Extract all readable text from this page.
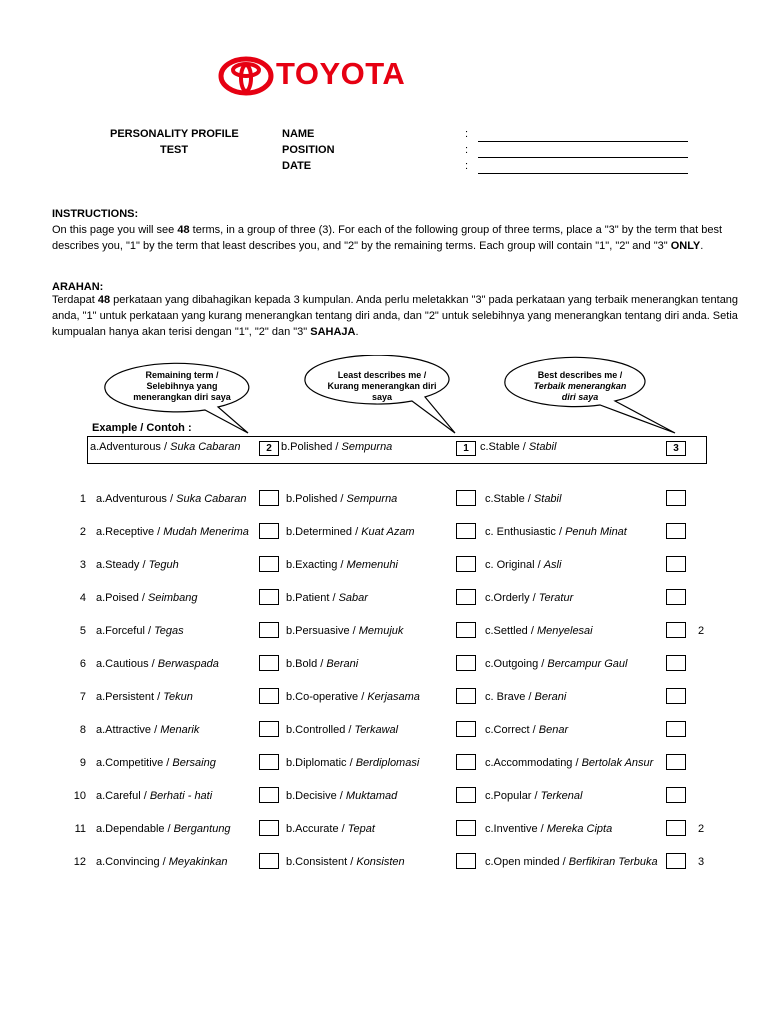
TOYOTA
PERSONALITY PROFILE
TEST
NAME
POSITION
DATE
:
:
:
INSTRUCTIONS:
On this page you will see 48 terms, in a group of three (3). For each of the following group of three terms, place a "3" by the term that best
describes you, "1" by the term that least describes you, and "2" by the remaining terms. Each group will contain "1", "2" and "3" ONLY.
ARAHAN:
Terdapat 48 perkataan yang dibahagikan kepada 3 kumpulan. Anda perlu meletakkan "3" pada perkataan yang terbaik menerangkan tentang
anda, "1" untuk perkataan yang kurang menerangkan tentang diri anda, dan "2" untuk selebihnya yang menerangkan tentang diri anda. Setia
kumpualan hanya akan terisi dengan "1", "2" dan "3" SAHAJA.
Remaining term /
Selebihnya yang
menerangkan diri saya
Least describes me /
Kurang menerangkan diri
saya
Best describes me /
Terbaik menerangkan
diri saya
Example / Contoh :
a.Adventurous / Suka Cabaran	2 b.Polished / Sempurna	1	c.Stable / Stabil	3
1 a.Adventurous / Suka Cabaran	b.Polished / Sempurna	c.Stable / Stabil
2 a.Receptive / Mudah Menerima	b.Determined / Kuat Azam	c. Enthusiastic / Penuh Minat
3 a.Steady / Teguh	b.Exacting / Memenuhi	c. Original / Asli
4 a.Poised / Seimbang	b.Patient / Sabar	c.Orderly / Teratur
5 a.Forceful / Tegas	b.Persuasive / Memujuk	c.Settled / Menyelesai	2
6 a.Cautious / Berwaspada	b.Bold / Berani	c.Outgoing / Bercampur Gaul
7 a.Persistent / Tekun	b.Co-operative / Kerjasama	c. Brave / Berani
8 a.Attractive / Menarik	b.Controlled / Terkawal	c.Correct / Benar
9 a.Competitive / Bersaing	b.Diplomatic / Berdiplomasi	c.Accommodating / Bertolak Ansur
10 a.Careful / Berhati - hati	b.Decisive / Muktamad	c.Popular / Terkenal
11 a.Dependable / Bergantung	b.Accurate / Tepat	c.Inventive / Mereka Cipta	2
12 a.Convincing / Meyakinkan	b.Consistent / Konsisten	c.Open minded / Berfikiran Terbuka	3
